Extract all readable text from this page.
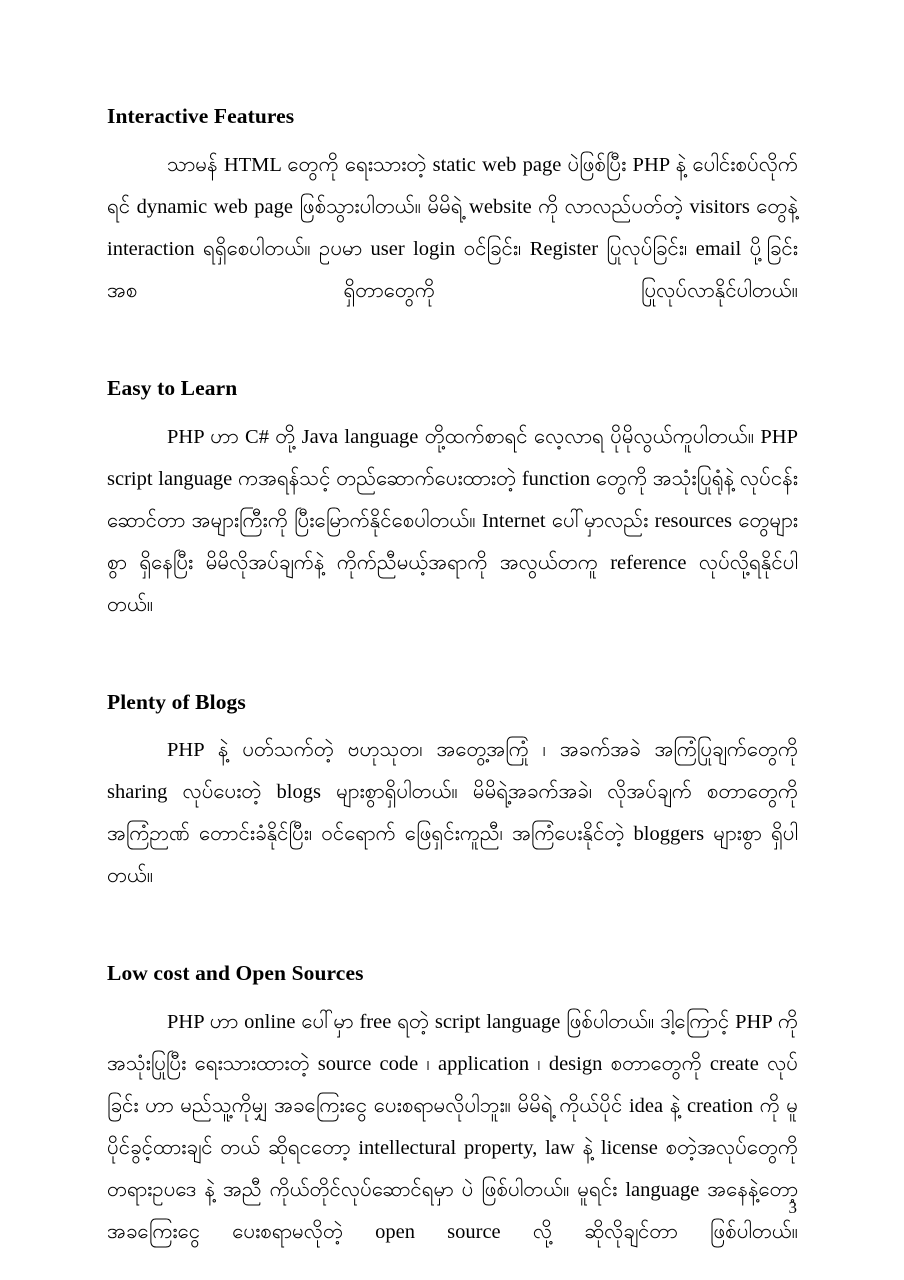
Interactive Features

သာမန် HTML တွေကို ရေးသားတဲ့ static web page ပဲဖြစ်ပြီး PHP နဲ့ ပေါင်းစပ်လိုက်ရင် dynamic web page ဖြစ်သွားပါတယ်။ မိမိရဲ့ website ကို လာလည်ပတ်တဲ့ visitors တွေနဲ့ interaction ရရှိစေပါတယ်။ ဥပမာ user login ဝင်ခြင်း၊ Register ပြုလုပ်ခြင်း၊ email ပို့ခြင်းအစ ရှိတာတွေကို ပြုလုပ်လာနိုင်ပါတယ်။

Easy to Learn

PHP ဟာ C# တို့ Java language တို့ထက်စာရင် လေ့လာရ ပိုမိုလွယ်ကူပါတယ်။ PHP script language ကအရန်သင့် တည်ဆောက်ပေးထားတဲ့ function တွေကို အသုံးပြုရုံနဲ့ လုပ်ငန်း ဆောင်တာ အများကြီးကို ပြီးမြောက်နိုင်စေပါတယ်။ Internet ပေါ်မှာလည်း resources တွေများစွာ ရှိနေပြီး မိမိလိုအပ်ချက်နဲ့ ကိုက်ညီမယ့်အရာကို အလွယ်တကူ reference လုပ်လို့ရနိုင်ပါတယ်။

Plenty of Blogs

PHP နဲ့ ပတ်သက်တဲ့ ဗဟုသုတ၊ အတွေ့အကြုံ ၊ အခက်အခဲ အကြံပြုချက်တွေကို sharing လုပ်ပေးတဲ့ blogs များစွာရှိပါတယ်။ မိမိရဲ့အခက်အခဲ၊ လိုအပ်ချက် စတာတွေကို အကြံဉာဏ် တောင်းခံနိုင်ပြီး၊ ဝင်ရောက် ဖြေရှင်းကူညီ၊ အကြံပေးနိုင်တဲ့ bloggers များစွာ ရှိပါတယ်။

Low cost and Open Sources

PHP ဟာ online ပေါ်မှာ free ရတဲ့ script language ဖြစ်ပါတယ်။ ဒါ့ကြောင့် PHP ကို အသုံးပြုပြီး ရေးသားထားတဲ့ source code ၊ application ၊ design စတာတွေကို create လုပ်ခြင်း ဟာ မည်သူ့ကိုမျှ အခကြေးငွေ ပေးစရာမလိုပါဘူး။ မိမိရဲ့ ကိုယ်ပိုင် idea နဲ့ creation ကို မူပိုင်ခွင့်ထားချင် တယ် ဆိုရငတော့ intellectural property, law နဲ့ license စတဲ့အလုပ်တွေကို တရားဥပဒေ နဲ့ အညီ ကိုယ်တိုင်လုပ်ဆောင်ရမှာ ပဲ ဖြစ်ပါတယ်။ မူရင်း language အနေနဲ့တော့ အခကြေးငွေ ပေးစရာမလိုတဲ့ open source လို့ ဆိုလိုချင်တာ ဖြစ်ပါတယ်။

3
